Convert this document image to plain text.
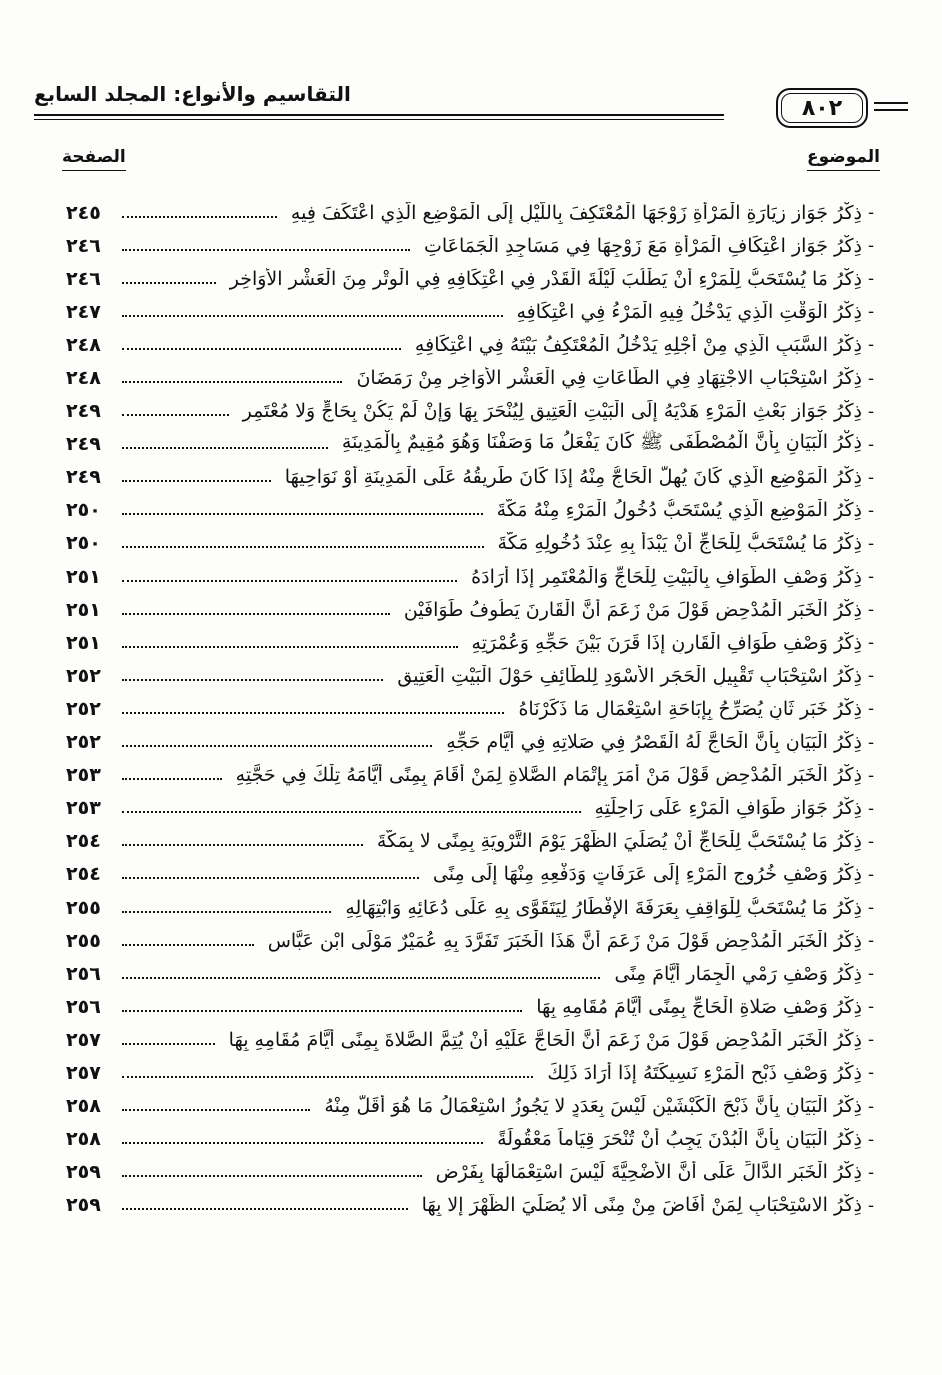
التقاسيم والأنواع: المجلد السابع
٨٠٢
الموضوع
الصفحة
-
ذِكْرُ جَوَازِ زِيَارَةِ الْمَرْأَةِ زَوْجَهَا الْمُعْتَكِفَ بِاللَّيْلِ إِلَى الْمَوْضِعِ الَّذِي اعْتَكَفَ فِيهِ
٢٤٥
-
ذِكْرُ جَوَازِ اعْتِكَافِ الْمَرْأَةِ مَعَ زَوْجِهَا فِي مَسَاجِدِ الْجَمَاعَاتِ
٢٤٦
-
ذِكْرُ مَا يُسْتَحَبُّ لِلْمَرْءِ أَنْ يَطْلُبَ لَيْلَةَ الْقَدْرِ فِي اعْتِكَافِهِ فِي الْوِتْرِ مِنَ الْعَشْرِ الأَوَاخِرِ
٢٤٦
-
ذِكْرُ الْوَقْتِ الَّذِي يَدْخُلُ فِيهِ الْمَرْءُ فِي اعْتِكَافِهِ
٢٤٧
-
ذِكْرُ السَّبَبِ الَّذِي مِنْ أَجْلِهِ يَدْخُلُ الْمُعْتَكِفُ بَيْتَهُ فِي اعْتِكَافِهِ
٢٤٨
-
ذِكْرُ اسْتِحْبَابِ الاجْتِهَادِ فِي الطَّاعَاتِ فِي الْعَشْرِ الأَوَاخِرِ مِنْ رَمَضَانَ
٢٤٨
-
ذِكْرُ جَوَازِ بَعْثِ الْمَرْءِ هَدْيَهُ إِلَى الْبَيْتِ الْعَتِيقِ لِيُنْحَرَ بِهَا وَإِنْ لَمْ يَكُنْ بِحَاجٍّ وَلا مُعْتَمِرٍ
٢٤٩
-
ذِكْرُ الْبَيَانِ بِأَنَّ الْمُصْطَفَى ﷺ كَانَ يَفْعَلُ مَا وَصَفْنَا وَهُوَ مُقِيمٌ بِالْمَدِينَةِ
٢٤٩
-
ذِكْرُ الْمَوْضِعِ الَّذِي كَانَ يُهِلُّ الْحَاجُّ مِنْهُ إِذَا كَانَ طَرِيقُهُ عَلَى الْمَدِينَةِ أَوْ نَوَاحِيهَا
٢٤٩
-
ذِكْرُ الْمَوْضِعِ الَّذِي يُسْتَحَبُّ دُخُولُ الْمَرْءِ مِنْهُ مَكَّةَ
٢٥٠
-
ذِكْرُ مَا يُسْتَحَبُّ لِلْحَاجِّ أَنْ يَبْدَأَ بِهِ عِنْدَ دُخُولِهِ مَكَّةَ
٢٥٠
-
ذِكْرُ وَصْفِ الطَّوَافِ بِالْبَيْتِ لِلْحَاجِّ وَالْمُعْتَمِرِ إِذَا أَرَادَهُ
٢٥١
-
ذِكْرُ الْخَبَرِ الْمُدْحِضِ قَوْلَ مَنْ زَعَمَ أَنَّ الْقَارِنَ يَطُوفُ طَوَافَيْنِ
٢٥١
-
ذِكْرُ وَصْفِ طَوَافِ الْقَارِنِ إِذَا قَرَنَ بَيْنَ حَجِّهِ وَعُمْرَتِهِ
٢٥١
-
ذِكْرُ اسْتِحْبَابِ تَقْبِيلِ الْحَجَرِ الأَسْوَدِ لِلطَّائِفِ حَوْلَ الْبَيْتِ الْعَتِيقِ
٢٥٢
-
ذِكْرُ خَبَرٍ ثَانٍ يُصَرِّحُ بِإِبَاحَةِ اسْتِعْمَالِ مَا ذَكَرْنَاهُ
٢٥٢
-
ذِكْرُ الْبَيَانِ بِأَنَّ الْحَاجَّ لَهُ الْقَصْرُ فِي صَلاتِهِ فِي أَيَّامِ حَجِّهِ
٢٥٢
-
ذِكْرُ الْخَبَرِ الْمُدْحِضِ قَوْلَ مَنْ أَمَرَ بِإِتْمَامِ الصَّلاةِ لِمَنْ أَقَامَ بِمِنًى أَيَّامَهُ تِلْكَ فِي حَجَّتِهِ
٢٥٣
-
ذِكْرُ جَوَازِ طَوَافِ الْمَرْءِ عَلَى رَاحِلَتِهِ
٢٥٣
-
ذِكْرُ مَا يُسْتَحَبُّ لِلْحَاجِّ أَنْ يُصَلِّيَ الظُّهْرَ يَوْمَ التَّرْوِيَةِ بِمِنًى لا بِمَكَّةَ
٢٥٤
-
ذِكْرُ وَصْفِ خُرُوجِ الْمَرْءِ إِلَى عَرَفَاتٍ وَدَفْعِهِ مِنْهَا إِلَى مِنًى
٢٥٤
-
ذِكْرُ مَا يُسْتَحَبُّ لِلْوَاقِفِ بِعَرَفَةَ الإِفْطَارُ لِيَتَقَوَّى بِهِ عَلَى دُعَائِهِ وَابْتِهَالِهِ
٢٥٥
-
ذِكْرُ الْخَبَرِ الْمُدْحِضِ قَوْلَ مَنْ زَعَمَ أَنَّ هَذَا الْخَبَرَ تَفَرَّدَ بِهِ عُمَيْرٌ مَوْلَى ابْنِ عَبَّاسٍ
٢٥٥
-
ذِكْرُ وَصْفِ رَمْيِ الْجِمَارِ أَيَّامَ مِنًى
٢٥٦
-
ذِكْرُ وَصْفِ صَلاةِ الْحَاجِّ بِمِنًى أَيَّامَ مُقَامِهِ بِهَا
٢٥٦
-
ذِكْرُ الْخَبَرِ الْمُدْحِضِ قَوْلَ مَنْ زَعَمَ أَنَّ الْحَاجَّ عَلَيْهِ أَنْ يُتِمَّ الصَّلاةَ بِمِنًى أَيَّامَ مُقَامِهِ بِهَا
٢٥٧
-
ذِكْرُ وَصْفِ ذَبْحِ الْمَرْءِ نَسِيكَتَهُ إِذَا أَرَادَ ذَلِكَ
٢٥٧
-
ذِكْرُ الْبَيَانِ بِأَنَّ ذَبْحَ الْكَبْشَيْنِ لَيْسَ بِعَدَدٍ لا يَجُوزُ اسْتِعْمَالُ مَا هُوَ أَقَلُّ مِنْهُ
٢٥٨
-
ذِكْرُ الْبَيَانِ بِأَنَّ الْبُدْنَ يَجِبُ أَنْ تُنْحَرَ قِيَاماً مَعْقُولَةً
٢٥٨
-
ذِكْرُ الْخَبَرِ الدَّالِّ عَلَى أَنَّ الأُضْحِيَّةَ لَيْسَ اسْتِعْمَالُهَا بِفَرْضٍ
٢٥٩
-
ذِكْرُ الاسْتِحْبَابِ لِمَنْ أَفَاضَ مِنْ مِنًى أَلا يُصَلِّيَ الظُّهْرَ إِلا بِهَا
٢٥٩
